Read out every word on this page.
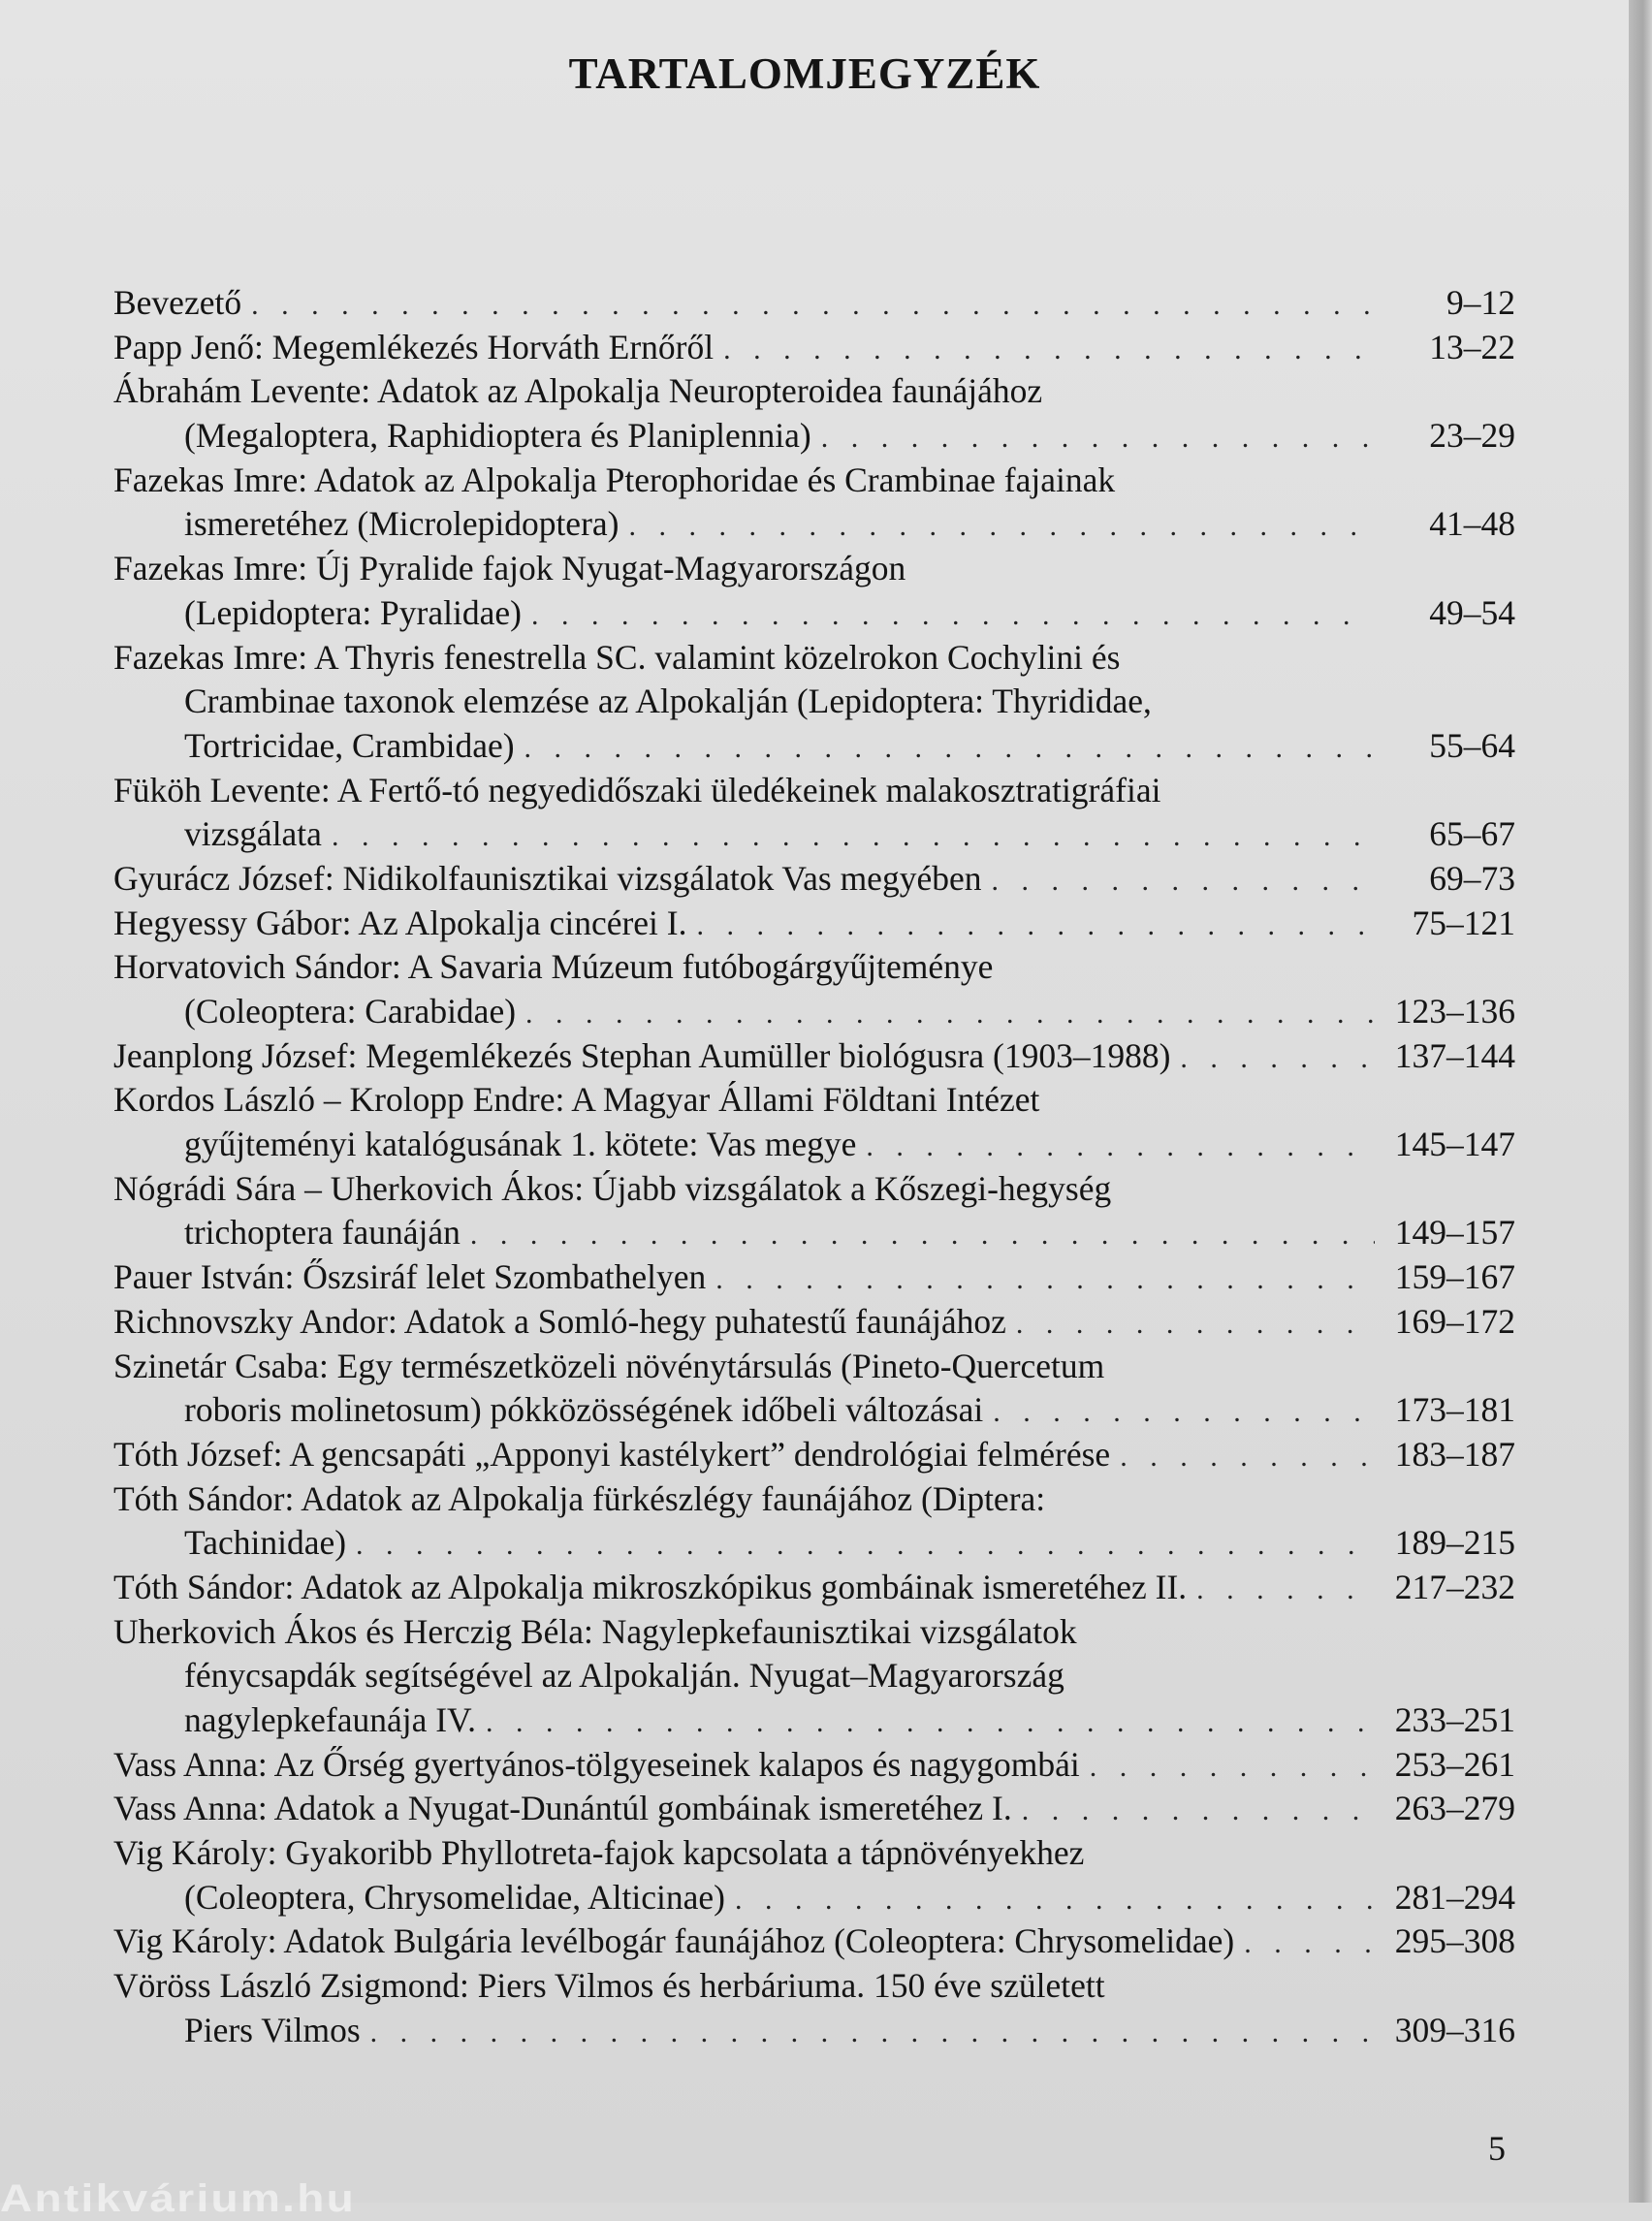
TARTALOMJEGYZÉK
Bevezető . . .	9–12
Papp Jenő: Megemlékezés Horváth Ernőről . . .	13–22
Ábrahám Levente: Adatok az Alpokalja Neuropteroidea faunájához
(Megaloptera, Raphidioptera és Planiplennia) . . .	23–29
Fazekas Imre: Adatok az Alpokalja Pterophoridae és Crambinae fajainak
ismeretéhez (Microlepidoptera) . . .	41–48
Fazekas Imre: Új Pyralide fajok Nyugat-Magyarországon
(Lepidoptera: Pyralidae) . . .	49–54
Fazekas Imre: A Thyris fenestrella SC. valamint közelrokon Cochylini és
Crambinae taxonok elemzése az Alpokalján (Lepidoptera: Thyrididae,
Tortricidae, Crambidae) . . .	55–64
Füköh Levente: A Fertő-tó negyedidőszaki üledékeinek malakosztratigráfiai
vizsgálata . . .	65–67
Gyurácz József: Nidikolfaunisztikai vizsgálatok Vas megyében . . .	69–73
Hegyessy Gábor: Az Alpokalja cincérei I. . . .	75–121
Horvatovich Sándor: A Savaria Múzeum futóbogárgyűjteménye
(Coleoptera: Carabidae) . . .	123–136
Jeanplong József: Megemlékezés Stephan Aumüller biológusra (1903–1988) . . .	137–144
Kordos László – Krolopp Endre: A Magyar Állami Földtani Intézet
gyűjteményi katalógusának 1. kötete: Vas megye . . .	145–147
Nógrádi Sára – Uherkovich Ákos: Újabb vizsgálatok a Kőszegi-hegység
trichoptera faunáján . . .	149–157
Pauer István: Őszsiráf lelet Szombathelyen . . .	159–167
Richnovszky Andor: Adatok a Somló-hegy puhatestű faunájához . . .	169–172
Szinetár Csaba: Egy természetközeli növénytársulás (Pineto-Quercetum
roboris molinetosum) pókközösségének időbeli változásai . . .	173–181
Tóth József: A gencsapáti „Apponyi kastélykert” dendrológiai felmérése . . .	183–187
Tóth Sándor: Adatok az Alpokalja fürkészlégy faunájához (Diptera:
Tachinidae) . . .	189–215
Tóth Sándor: Adatok az Alpokalja mikroszkópikus gombáinak ismeretéhez II. . . .	217–232
Uherkovich Ákos és Herczig Béla: Nagylepkefaunisztikai vizsgálatok
fénycsapdák segítségével az Alpokalján. Nyugat–Magyarország
nagylepkefaunája IV. . . .	233–251
Vass Anna: Az Őrség gyertyános-tölgyeseinek kalapos és nagygombái . . .	253–261
Vass Anna: Adatok a Nyugat-Dunántúl gombáinak ismeretéhez I. . . .	263–279
Vig Károly: Gyakoribb Phyllotreta-fajok kapcsolata a tápnövényekhez
(Coleoptera, Chrysomelidae, Alticinae) . . .	281–294
Vig Károly: Adatok Bulgária levélbogár faunájához (Coleoptera: Chrysomelidae) . . .	295–308
Vöröss László Zsigmond: Piers Vilmos és herbáriuma. 150 éve született
Piers Vilmos . . .	309–316
5
Antikvárium.hu
